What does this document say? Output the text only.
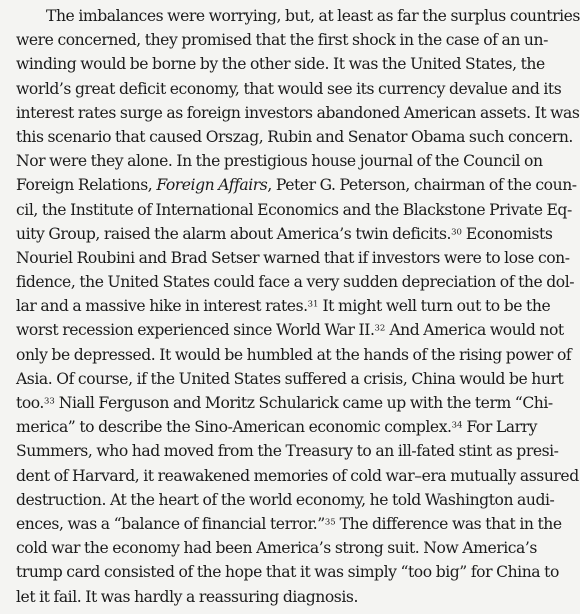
The imbalances were worrying, but, at least as far the surplus countries
were concerned, they promised that the first shock in the case of an un-
winding would be borne by the other side. It was the United States, the
world’s great deficit economy, that would see its currency devalue and its
interest rates surge as foreign investors abandoned American assets. It was
this scenario that caused Orszag, Rubin and Senator Obama such concern.
Nor were they alone. In the prestigious house journal of the Council on
Foreign Relations, Foreign Affairs, Peter G. Peterson, chairman of the coun-
cil, the Institute of International Economics and the Blackstone Private Eq-
uity Group, raised the alarm about America’s twin deficits.$^{30}$ Economists
Nouriel Roubini and Brad Setser warned that if investors were to lose con-
fidence, the United States could face a very sudden depreciation of the dol-
lar and a massive hike in interest rates.$^{31}$ It might well turn out to be the
worst recession experienced since World War II.$^{32}$ And America would not
only be depressed. It would be humbled at the hands of the rising power of
Asia. Of course, if the United States suffered a crisis, China would be hurt
too.$^{33}$ Niall Ferguson and Moritz Schularick came up with the term “Chi-
merica” to describe the Sino-American economic complex.$^{34}$ For Larry
Summers, who had moved from the Treasury to an ill-fated stint as presi-
dent of Harvard, it reawakened memories of cold war–era mutually assured
destruction. At the heart of the world economy, he told Washington audi-
ences, was a “balance of financial terror.”$^{35}$ The difference was that in the
cold war the economy had been America’s strong suit. Now America’s
trump card consisted of the hope that it was simply “too big” for China to
let it fail. It was hardly a reassuring diagnosis.
